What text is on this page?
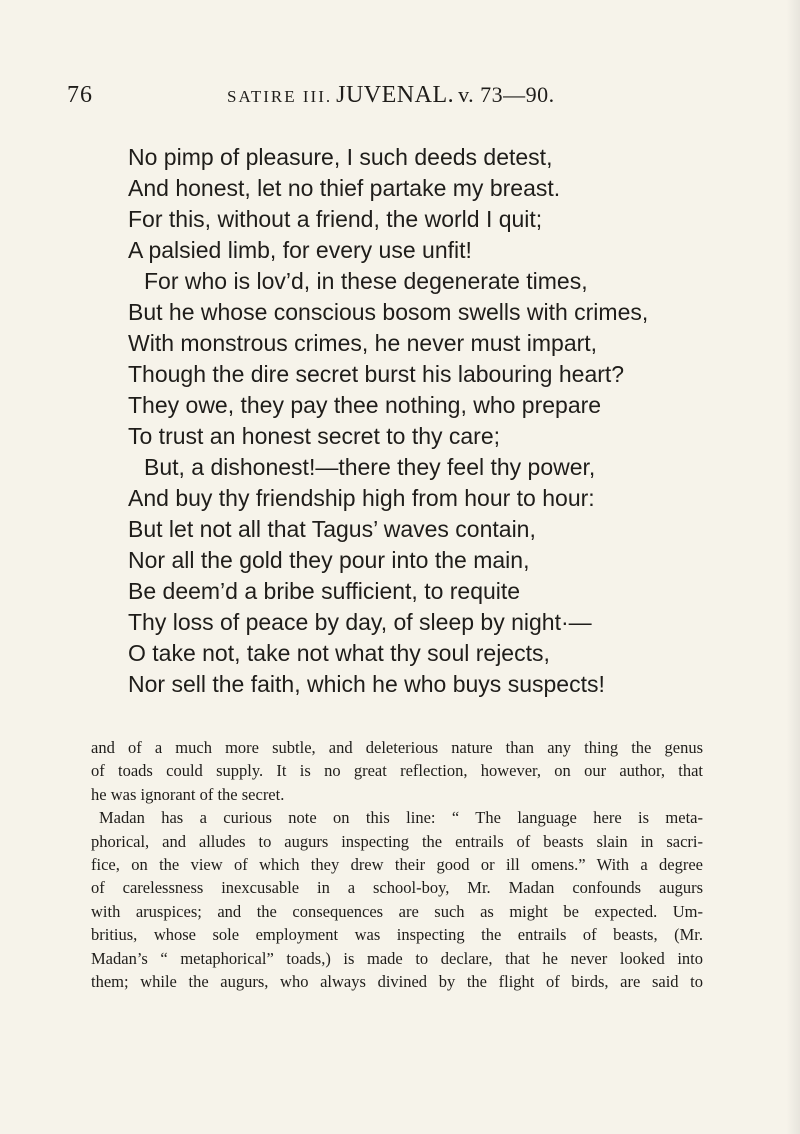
76	SATIRE III. JUVENAL. v. 73—90.
No pimp of pleasure, I such deeds detest,
And honest, let no thief partake my breast.
For this, without a friend, the world I quit;
A palsied limb, for every use unfit!
For who is lov’d, in these degenerate times,
But he whose conscious bosom swells with crimes,
With monstrous crimes, he never must impart,
Though the dire secret burst his labouring heart?
They owe, they pay thee nothing, who prepare
To trust an honest secret to thy care;
But, a dishonest!—there they feel thy power,
And buy thy friendship high from hour to hour:
But let not all that Tagus’ waves contain,
Nor all the gold they pour into the main,
Be deem’d a bribe sufficient, to requite
Thy loss of peace by day, of sleep by night·—
O take not, take not what thy soul rejects,
Nor sell the faith, which he who buys suspects!
and of a much more subtle, and deleterious nature than any thing the genus
of toads could supply. It is no great reflection, however, on our author, that
he was ignorant of the secret.
Madan has a curious note on this line: “ The language here is meta-
phorical, and alludes to augurs inspecting the entrails of beasts slain in sacri-
fice, on the view of which they drew their good or ill omens.” With a degree
of carelessness inexcusable in a school-boy, Mr. Madan confounds augurs
with aruspices; and the consequences are such as might be expected. Um-
britius, whose sole employment was inspecting the entrails of beasts, (Mr.
Madan’s “ metaphorical” toads,) is made to declare, that he never looked into
them; while the augurs, who always divined by the flight of birds, are said to
